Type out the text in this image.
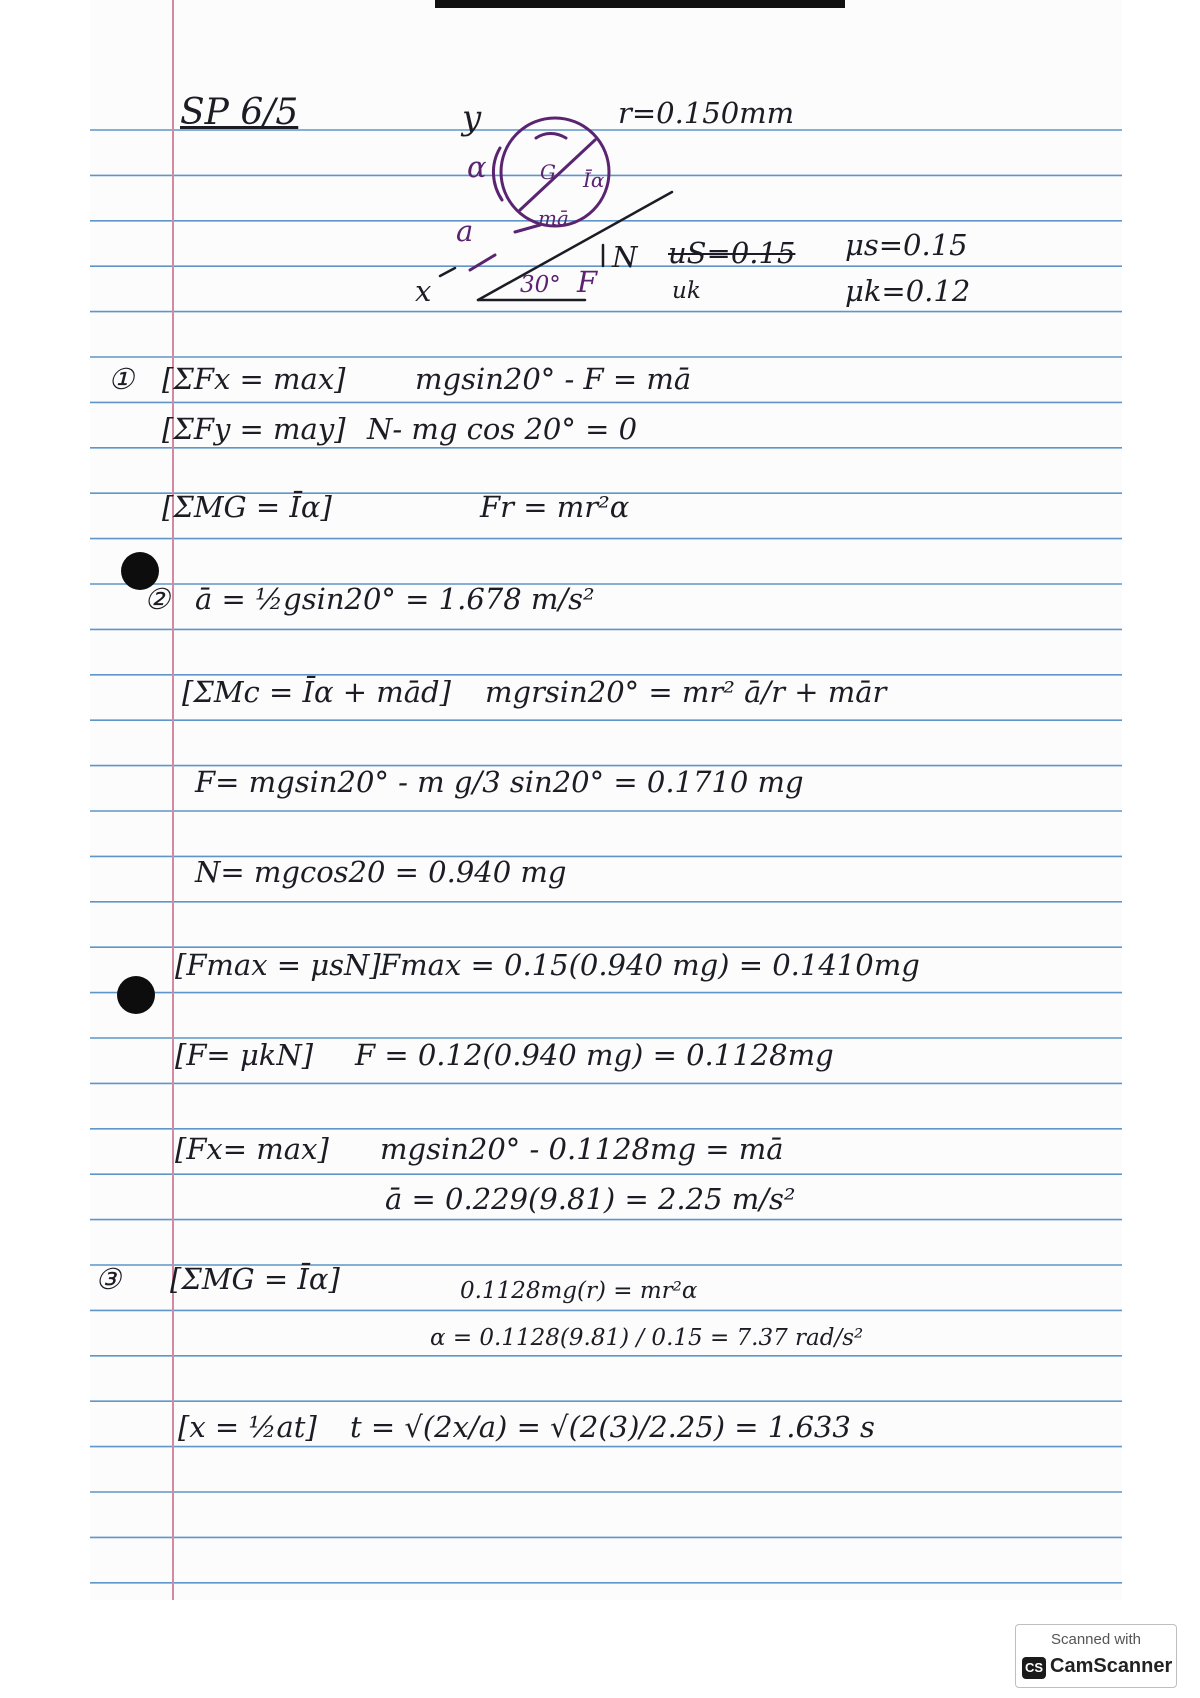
SP 6/5	y	r=0.150mm
α	G Īα
mā
a
N
x	30° F
uS=0.15
uk
μs=0.15
μk=0.12
① [ΣFx = max] mgsin20° - F = mā
[ΣFy = may] N- mg cos 20° = 0
[ΣMG = Īα]	Fr = mr²α
② ā = ½gsin20° = 1.678 m/s²
[ΣMc = Īα + mād] mgrsin20° = mr² ā/r + mār
F= mgsin20° - m g/3 sin20° = 0.1710 mg
N= mgcos20 = 0.940 mg
[Fmax = μsN] Fmax = 0.15(0.940 mg) = 0.1410mg
[F= μkN] F = 0.12(0.940 mg) = 0.1128mg
[Fx= max] mgsin20° - 0.1128mg = mā
ā = 0.229(9.81) = 2.25 m/s²
③ [ΣMG = Īα]	0.1128mg(r) = mr²α
α = 0.1128(9.81) / 0.15 = 7.37 rad/s²
[x = ½at] t = √(2x/a) = √(2(3)/2.25) = 1.633 s
Scanned with
CS CamScanner
